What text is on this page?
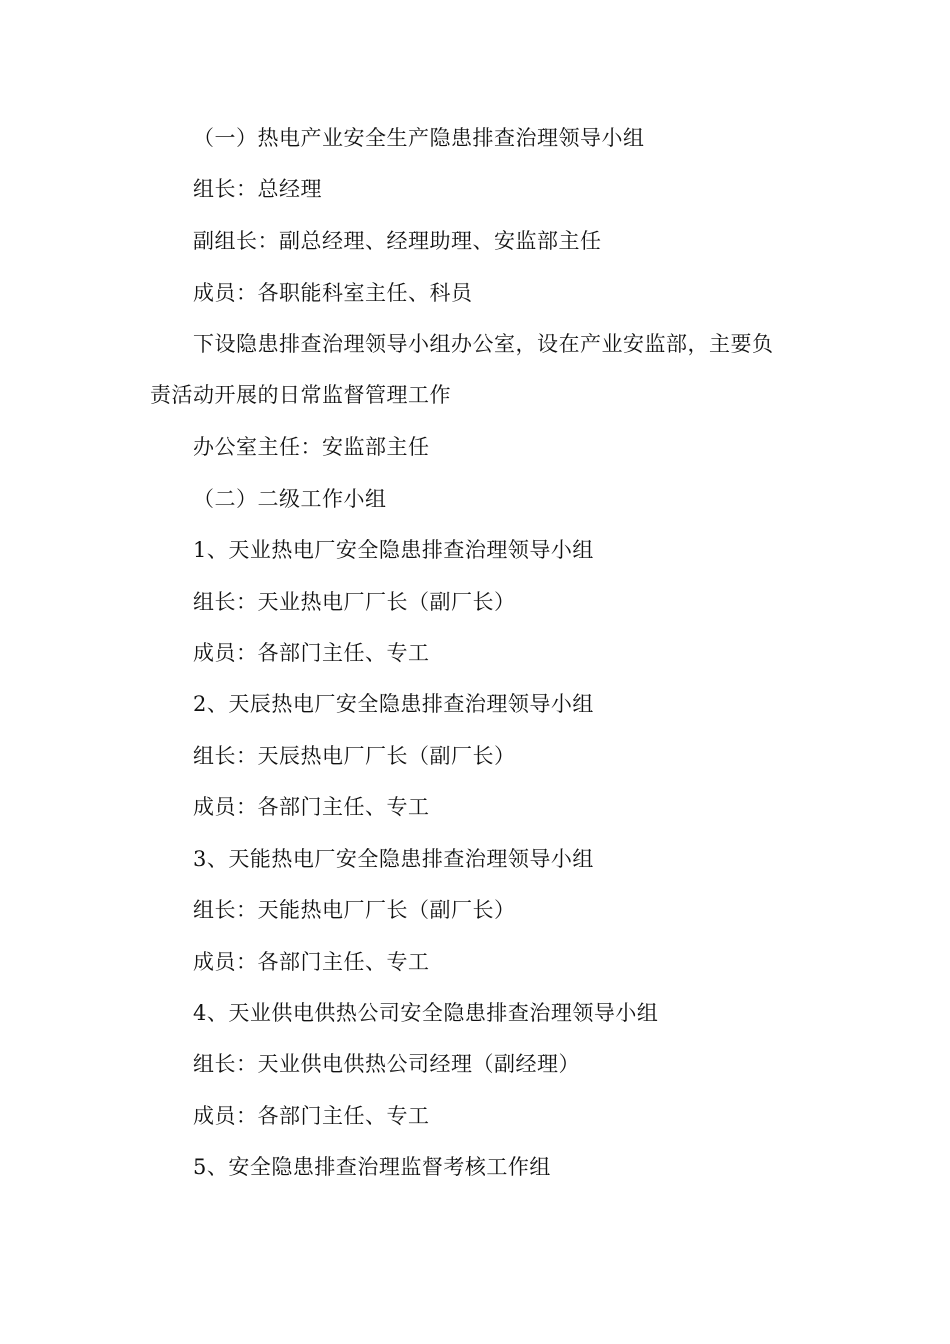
（一）热电产业安全生产隐患排查治理领导小组
组长：总经理
副组长：副总经理、经理助理、安监部主任
成员：各职能科室主任、科员
下设隐患排查治理领导小组办公室，设在产业安监部，主要负
责活动开展的日常监督管理工作
办公室主任：安监部主任
（二）二级工作小组
1、天业热电厂安全隐患排查治理领导小组
组长：天业热电厂厂长（副厂长）
成员：各部门主任、专工
2、天辰热电厂安全隐患排查治理领导小组
组长：天辰热电厂厂长（副厂长）
成员：各部门主任、专工
3、天能热电厂安全隐患排查治理领导小组
组长：天能热电厂厂长（副厂长）
成员：各部门主任、专工
4、天业供电供热公司安全隐患排查治理领导小组
组长：天业供电供热公司经理（副经理）
成员：各部门主任、专工
5、安全隐患排查治理监督考核工作组
